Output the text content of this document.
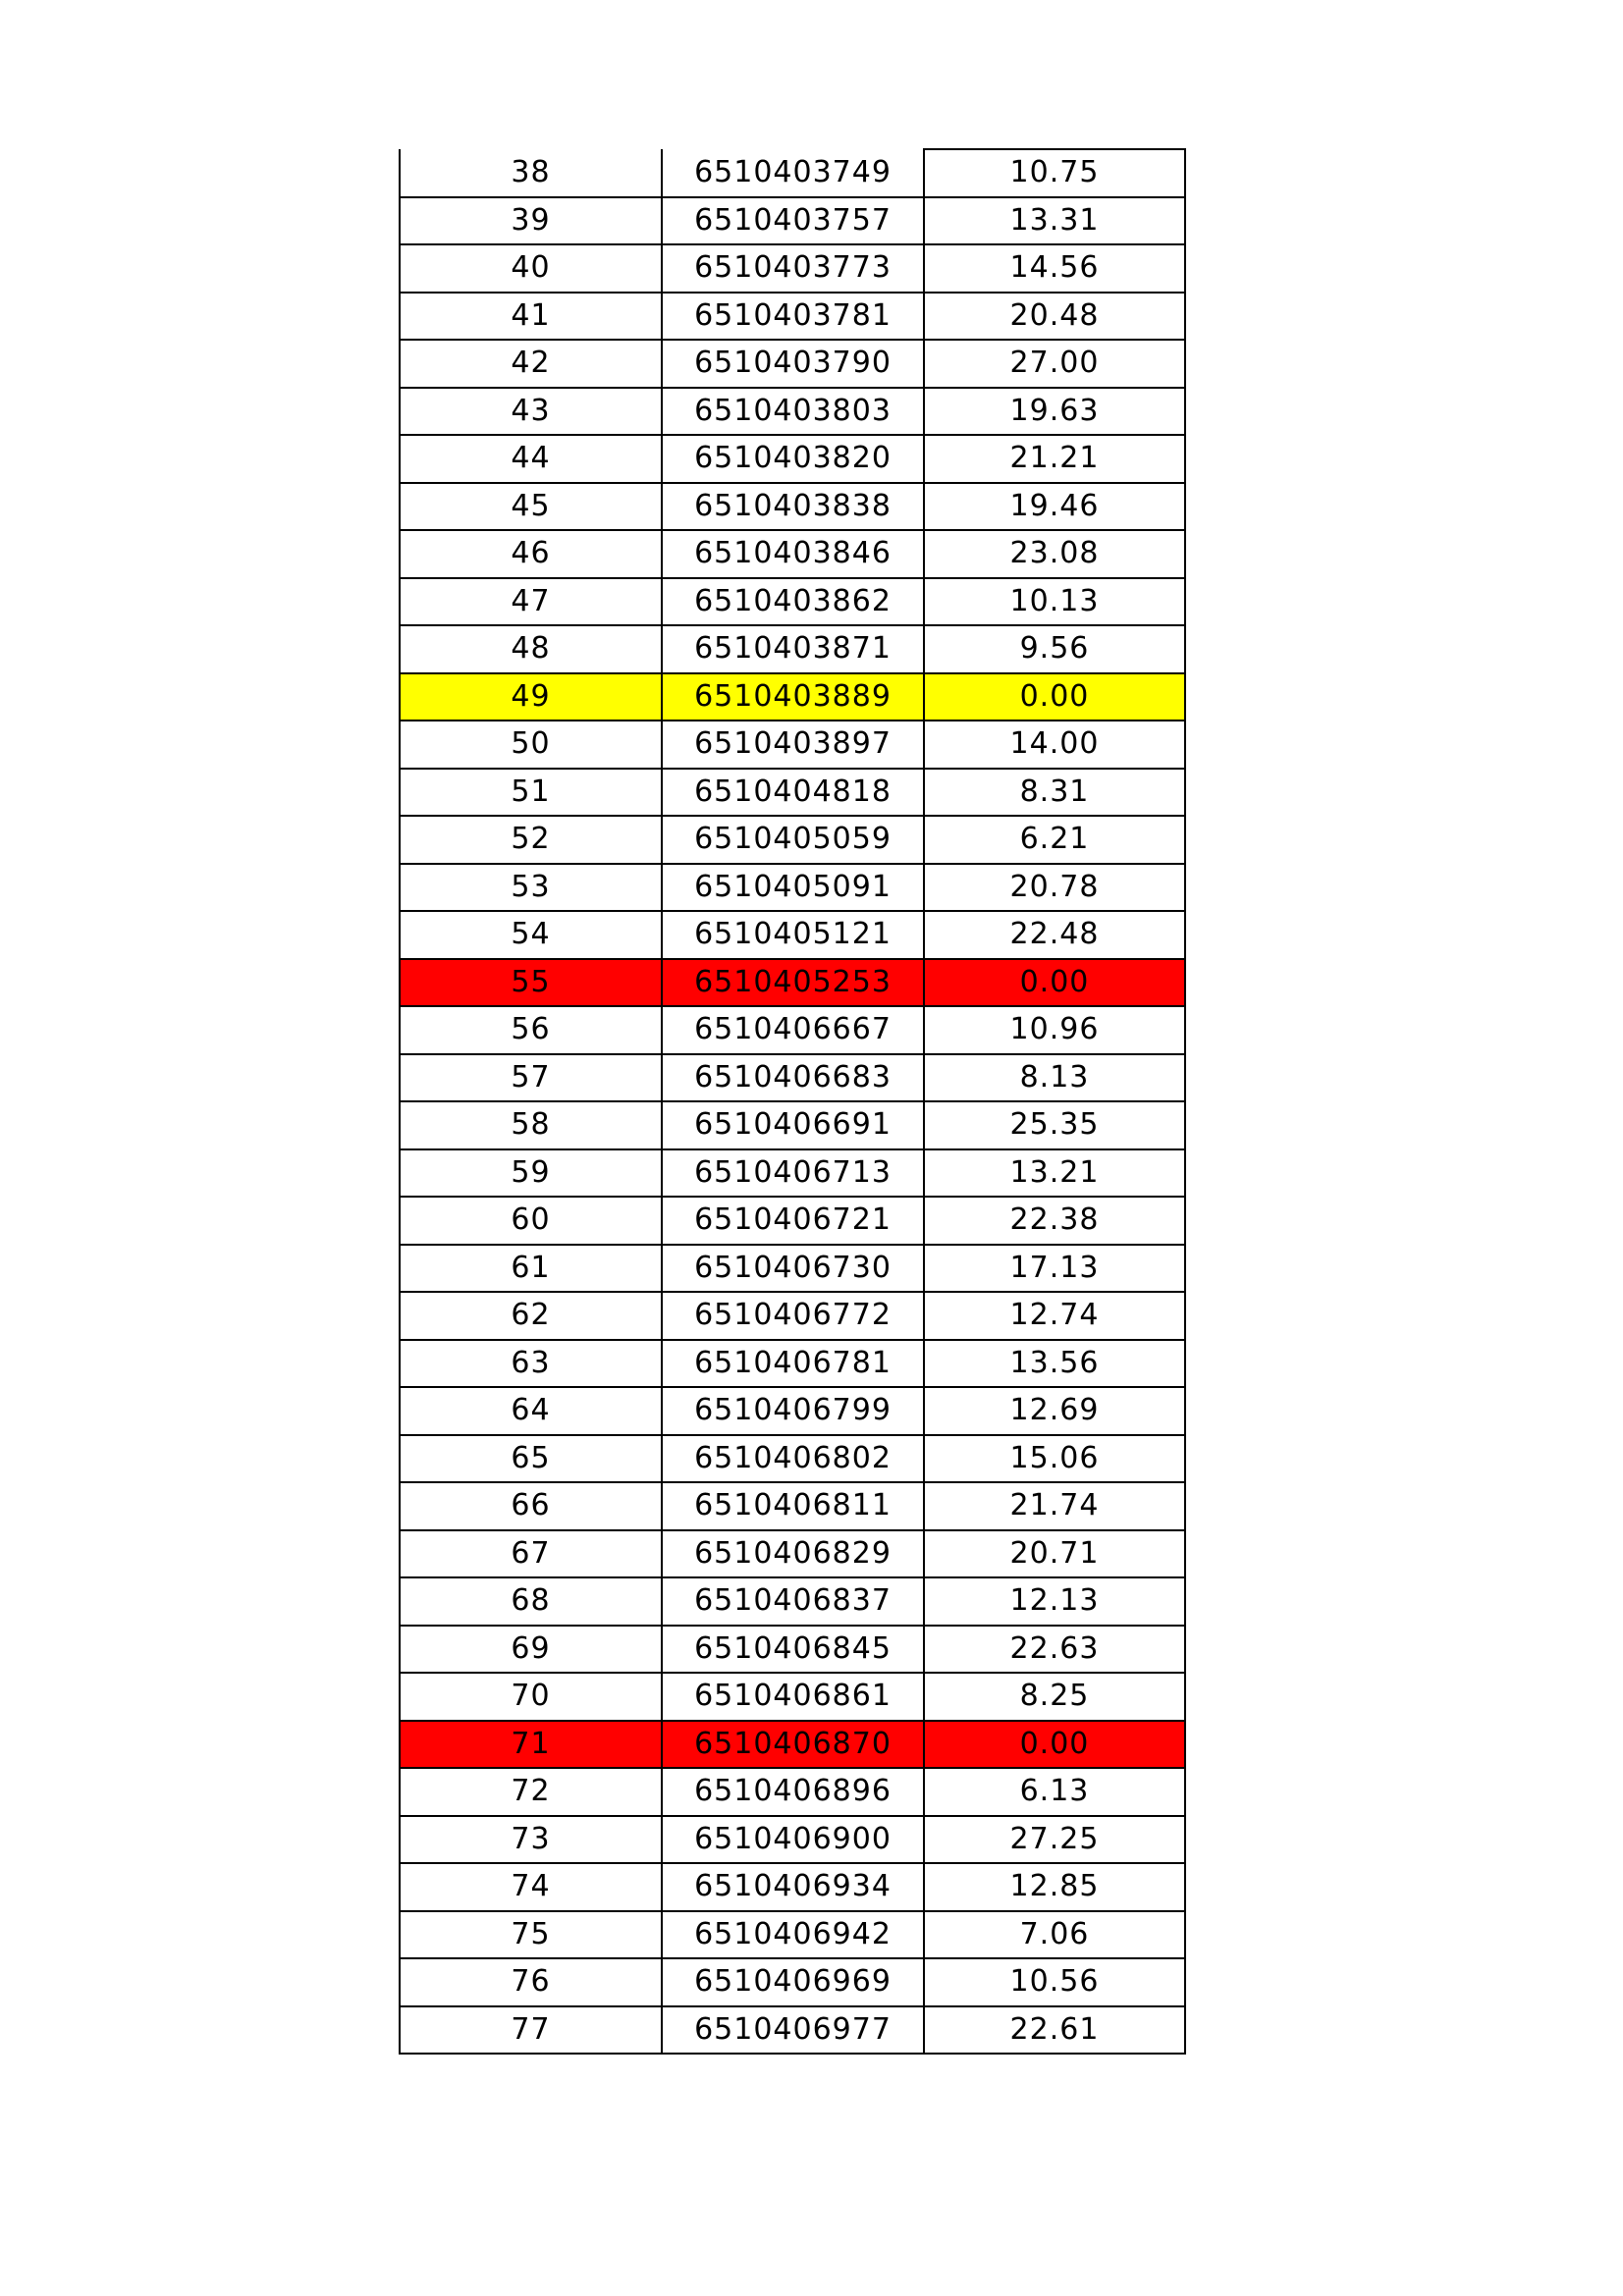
38	6510403749	10.75
39	6510403757	13.31
40	6510403773	14.56
41	6510403781	20.48
42	6510403790	27.00
43	6510403803	19.63
44	6510403820	21.21
45	6510403838	19.46
46	6510403846	23.08
47	6510403862	10.13
48	6510403871	9.56
49	6510403889	0.00
50	6510403897	14.00
51	6510404818	8.31
52	6510405059	6.21
53	6510405091	20.78
54	6510405121	22.48
55	6510405253	0.00
56	6510406667	10.96
57	6510406683	8.13
58	6510406691	25.35
59	6510406713	13.21
60	6510406721	22.38
61	6510406730	17.13
62	6510406772	12.74
63	6510406781	13.56
64	6510406799	12.69
65	6510406802	15.06
66	6510406811	21.74
67	6510406829	20.71
68	6510406837	12.13
69	6510406845	22.63
70	6510406861	8.25
71	6510406870	0.00
72	6510406896	6.13
73	6510406900	27.25
74	6510406934	12.85
75	6510406942	7.06
76	6510406969	10.56
77	6510406977	22.61
